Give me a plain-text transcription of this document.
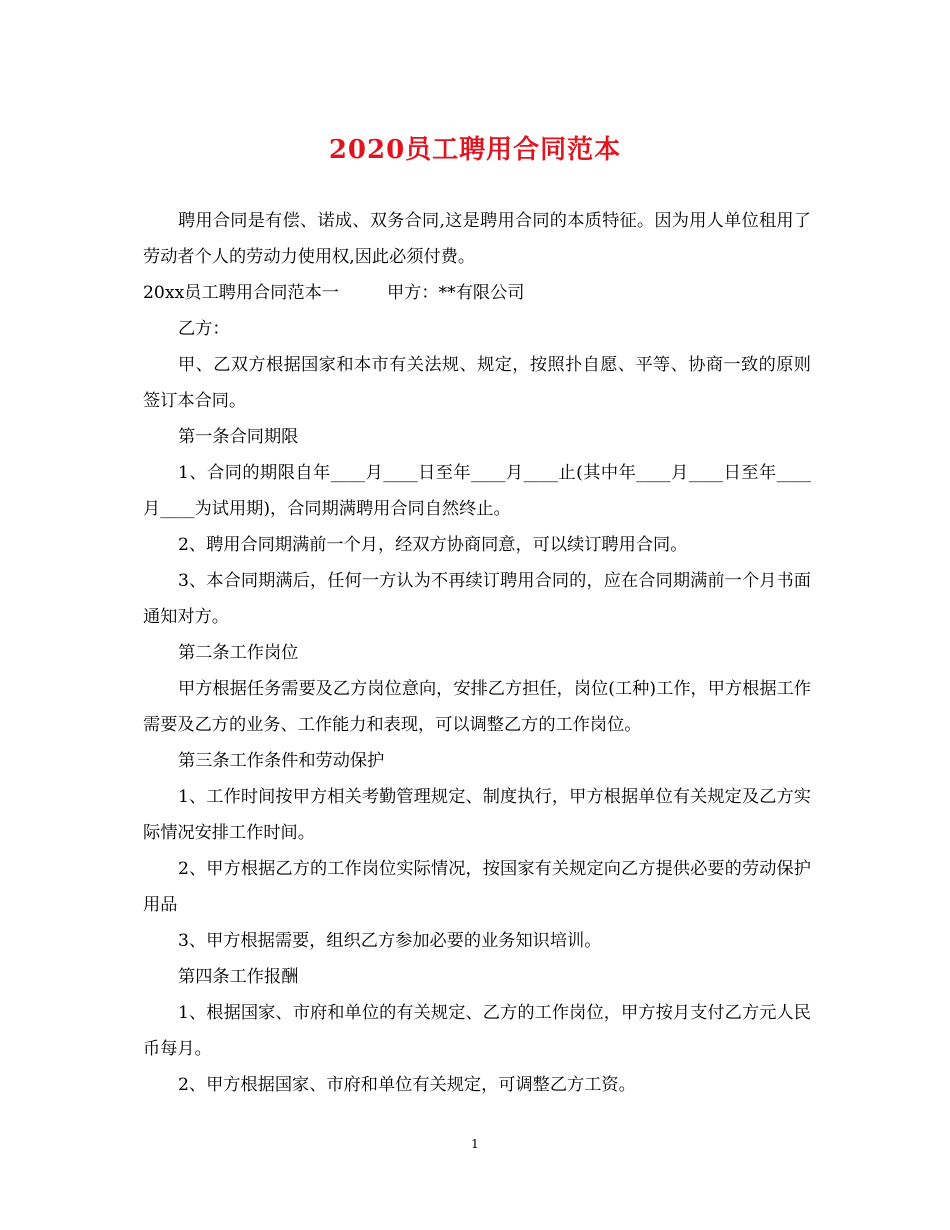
2020员工聘用合同范本

聘用合同是有偿、诺成、双务合同,这是聘用合同的本质特征。因为用人单位租用了劳动者个人的劳动力使用权,因此必须付费。

20xx员工聘用合同范本一	甲方：**有限公司

乙方：

甲、乙双方根据国家和本市有关法规、规定，按照扑自愿、平等、协商一致的原则签订本合同。

第一条合同期限

1、合同的期限自年____月____日至年____月____止(其中年____月____日至年____月____为试用期)，合同期满聘用合同自然终止。

2、聘用合同期满前一个月，经双方协商同意，可以续订聘用合同。

3、本合同期满后，任何一方认为不再续订聘用合同的，应在合同期满前一个月书面通知对方。

第二条工作岗位

甲方根据任务需要及乙方岗位意向，安排乙方担任，岗位(工种)工作，甲方根据工作需要及乙方的业务、工作能力和表现，可以调整乙方的工作岗位。

第三条工作条件和劳动保护

1、工作时间按甲方相关考勤管理规定、制度执行，甲方根据单位有关规定及乙方实际情况安排工作时间。

2、甲方根据乙方的工作岗位实际情况，按国家有关规定向乙方提供必要的劳动保护用品

3、甲方根据需要，组织乙方参加必要的业务知识培训。

第四条工作报酬

1、根据国家、市府和单位的有关规定、乙方的工作岗位，甲方按月支付乙方元人民币每月。

2、甲方根据国家、市府和单位有关规定，可调整乙方工资。

1
